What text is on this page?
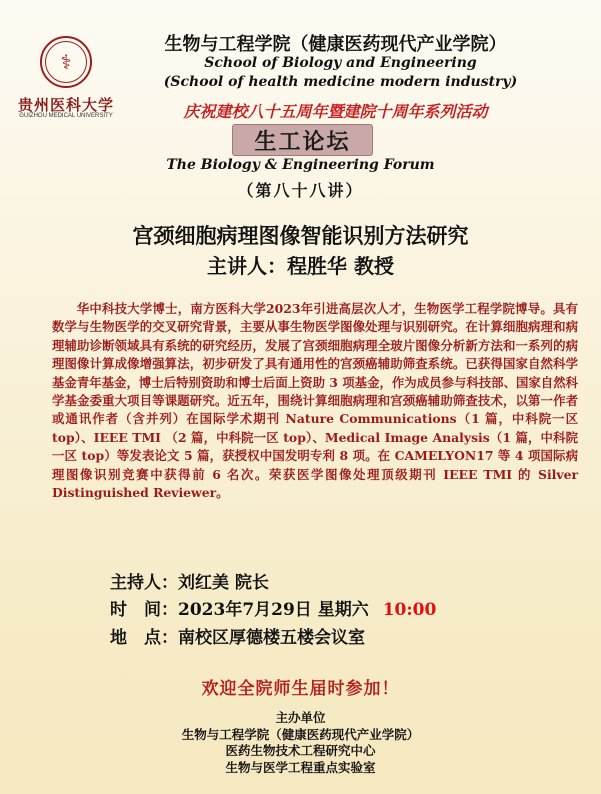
⚕
贵州医科大学
GUIZHOU MEDICAL UNIVERSITY
生物与工程学院（健康医药现代产业学院）
School of Biology and Engineering
(School of health medicine modern industry)
庆祝建校八十五周年暨建院十周年系列活动
生工论坛
The Biology & Engineering Forum
（第八十八讲）
宫颈细胞病理图像智能识别方法研究
主讲人：程胜华 教授
华中科技大学博士，南方医科大学2023年引进高层次人才，生物医学工程学院博导。具有数学与生物医学的交叉研究背景，主要从事生物医学图像处理与识别研究。在计算细胞病理和病理辅助诊断领域具有系统的研究经历，发展了宫颈细胞病理全玻片图像分析新方法和一系列的病理图像计算成像增强算法，初步研发了具有通用性的宫颈癌辅助筛查系统。已获得国家自然科学基金青年基金，博士后特别资助和博士后面上资助 3 项基金，作为成员参与科技部、国家自然科学基金委重大项目等课题研究。近五年，围绕计算细胞病理和宫颈癌辅助筛查技术，以第一作者或通讯作者（含并列）在国际学术期刊 Nature Communications（1 篇，中科院一区 top）、IEEE TMI （2 篇，中科院一区 top）、Medical Image Analysis（1 篇，中科院一区 top）等发表论文 5 篇，获授权中国发明专利 8 项。在 CAMELYON17 等 4 项国际病理图像识别竞赛中获得前 6 名次。荣获医学图像处理顶级期刊 IEEE TMI 的 Silver Distinguished Reviewer。
主持人：刘红美 院长
时　间：2023年7月29日 星期六 10:00
地　点：南校区厚德楼五楼会议室
欢迎全院师生届时参加！
主办单位
生物与工程学院（健康医药现代产业学院）
医药生物技术工程研究中心
生物与医学工程重点实验室
